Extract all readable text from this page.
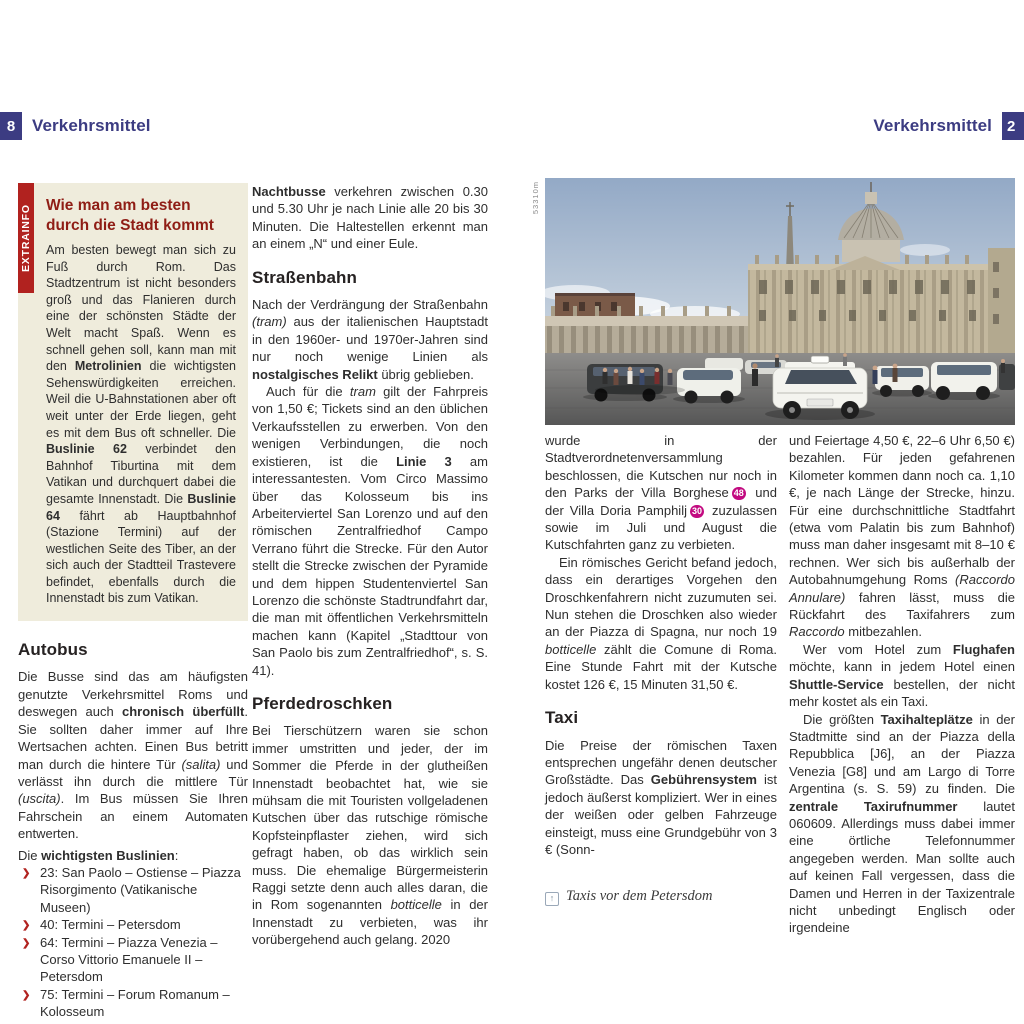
8 Verkehrsmittel	Verkehrsmittel 2
EXTRAINFO Wie man am besten
durch die Stadt kommt
Am besten bewegt man sich zu Fuß durch Rom. Das Stadtzentrum ist nicht besonders groß und das Flanieren durch eine der schönsten Städte der Welt macht Spaß. Wenn es schnell gehen soll, kann man mit den Metrolinien die wichtigsten Sehenswürdigkeiten erreichen. Weil die U-Bahnstationen aber oft weit unter der Erde liegen, geht es mit dem Bus oft schneller. Die Buslinie 62 verbindet den Bahnhof Tiburtina mit dem Vatikan und durchquert dabei die gesamte Innenstadt. Die Buslinie 64 fährt ab Hauptbahnhof (Stazione Termini) auf der westlichen Seite des Tiber, an der sich auch der Stadtteil Trastevere befindet, ebenfalls durch die Innenstadt bis zum Vatikan.
Autobus

Die Busse sind das am häufigsten genutzte Verkehrsmittel Roms und deswegen auch chronisch überfüllt. Sie sollten daher immer auf Ihre Wertsachen achten. Einen Bus betritt man durch die hintere Tür (salita) und verlässt ihn durch die mittlere Tür (uscita). Im Bus müssen Sie Ihren Fahrschein an einem Automaten entwerten.

Die wichtigsten Buslinien:
❯ 23: San Paolo – Ostiense – Piazza Risorgimento (Vatikanische Museen)
❯ 40: Termini – Petersdom
❯ 64: Termini – Piazza Venezia – Corso Vittorio Emanuele II – Petersdom
❯ 75: Termini – Forum Romanum – Kolosseum

Nachtbusse verkehren zwischen 0.30 und 5.30 Uhr je nach Linie alle 20 bis 30 Minuten. Die Haltestellen erkennt man an einem „N“ und einer Eule.

Straßenbahn

Nach der Verdrängung der Straßenbahn (tram) aus der italienischen Hauptstadt in den 1960er- und 1970er-Jahren sind nur noch wenige Linien als nostalgisches Relikt übrig geblieben.

Auch für die tram gilt der Fahrpreis von 1,50 €; Tickets sind an den üblichen Verkaufsstellen zu erwerben. Von den wenigen Verbindungen, die noch existieren, ist die Linie 3 am interessantesten. Vom Circo Massimo über das Kolosseum bis ins Arbeiterviertel San Lorenzo und auf den römischen Zentralfriedhof Campo Verrano führt die Strecke. Für den Autor stellt die Strecke zwischen der Pyramide und dem hippen Studentenviertel San Lorenzo die schönste Stadtrundfahrt dar, die man mit öffentlichen Verkehrsmitteln machen kann (Kapitel „Stadttour von San Paolo bis zum Zentralfriedhof“, s. S. 41).

Pferdedroschken

Bei Tierschützern waren sie schon immer umstritten und jeder, der im Sommer die Pferde in der glutheißen Innenstadt beobachtet hat, wie sie mühsam die mit Touristen vollgeladenen Kutschen über das rutschige römische Kopfsteinpflaster ziehen, wird sich gefragt haben, ob das wirklich sein muss. Die ehemalige Bürgermeisterin Raggi setzte denn auch alles daran, die in Rom sogenannten botticelle in der Innenstadt zu verbieten, was ihr vorübergehend auch gelang. 2020

53310m

wurde in der Stadtverordnetenversammlung beschlossen, die Kutschen nur noch in den Parks der Villa Borghese 48 und der Villa Doria Pamphilj 30 zuzulassen sowie im Juli und August die Kutschfahrten ganz zu verbieten.

Ein römisches Gericht befand jedoch, dass ein derartiges Vorgehen den Droschkenfahrern nicht zuzumuten sei. Nun stehen die Droschken also wieder an der Piazza di Spagna, nur noch 19 botticelle zählt die Comune di Roma. Eine Stunde Fahrt mit der Kutsche kostet 126 €, 15 Minuten 31,50 €.

Taxi

Die Preise der römischen Taxen entsprechen ungefähr denen deutscher Großstädte. Das Gebührensystem ist jedoch äußerst kompliziert. Wer in eines der weißen oder gelben Fahrzeuge einsteigt, muss eine Grundgebühr von 3 € (Sonn-

↑ Taxis vor dem Petersdom

und Feiertage 4,50 €, 22–6 Uhr 6,50 €) bezahlen. Für jeden gefahrenen Kilometer kommen dann noch ca. 1,10 €, je nach Länge der Strecke, hinzu. Für eine durchschnittliche Stadtfahrt (etwa vom Palatin bis zum Bahnhof) muss man daher insgesamt mit 8–10 € rechnen. Wer sich bis außerhalb der Autobahnumgehung Roms (Raccordo Annulare) fahren lässt, muss die Rückfahrt des Taxifahrers zum Raccordo mitbezahlen.

Wer vom Hotel zum Flughafen möchte, kann in jedem Hotel einen Shuttle-Service bestellen, der nicht mehr kostet als ein Taxi.

Die größten Taxihalteplätze in der Stadtmitte sind an der Piazza della Repubblica [J6], an der Piazza Venezia [G8] und am Largo di Torre Argentina (s. S. 59) zu finden. Die zentrale Taxirufnummer lautet 060609. Allerdings muss dabei immer eine örtliche Telefonnummer angegeben werden. Man sollte auch auf keinen Fall vergessen, dass die Damen und Herren in der Taxizentrale nicht unbedingt Englisch oder irgendeine
